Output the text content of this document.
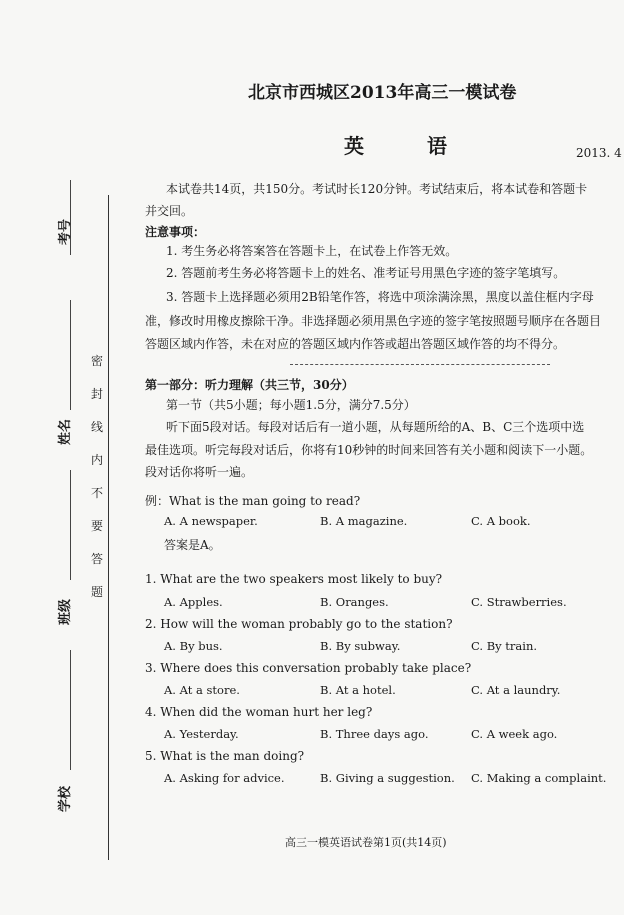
北京市西城区2013年高三一模试卷
英 语	2013. 4
考号
姓名
班级
学校
密
封
线
内
不
要
答
题
本试卷共14页，共150分。考试时长120分钟。考试结束后，将本试卷和答题卡
并交回。
注意事项：
1. 考生务必将答案答在答题卡上，在试卷上作答无效。
2. 答题前考生务必将答题卡上的姓名、准考证号用黑色字迹的签字笔填写。
3. 答题卡上选择题必须用2B铅笔作答，将选中项涂满涂黑，黑度以盖住框内字母
准，修改时用橡皮擦除干净。非选择题必须用黑色字迹的签字笔按照题号顺序在各题目
答题区域内作答，未在对应的答题区域内作答或超出答题区域作答的均不得分。
第一部分：听力理解（共三节，30分）
第一节（共5小题；每小题1.5分，满分7.5分）
听下面5段对话。每段对话后有一道小题，从每题所给的A、B、C三个选项中选
最佳选项。听完每段对话后，你将有10秒钟的时间来回答有关小题和阅读下一小题。
段对话你将听一遍。
例：What is the man going to read?
A. A newspaper.	B. A magazine.	C. A book.
答案是A。
1. What are the two speakers most likely to buy?
A. Apples.	B. Oranges.	C. Strawberries.
2. How will the woman probably go to the station?
A. By bus.	B. By subway.	C. By train.
3. Where does this conversation probably take place?
A. At a store.	B. At a hotel.	C. At a laundry.
4. When did the woman hurt her leg?
A. Yesterday.	B. Three days ago.	C. A week ago.
5. What is the man doing?
A. Asking for advice.	B. Giving a suggestion. C. Making a complaint.
高三一模英语试卷第1页(共14页)
